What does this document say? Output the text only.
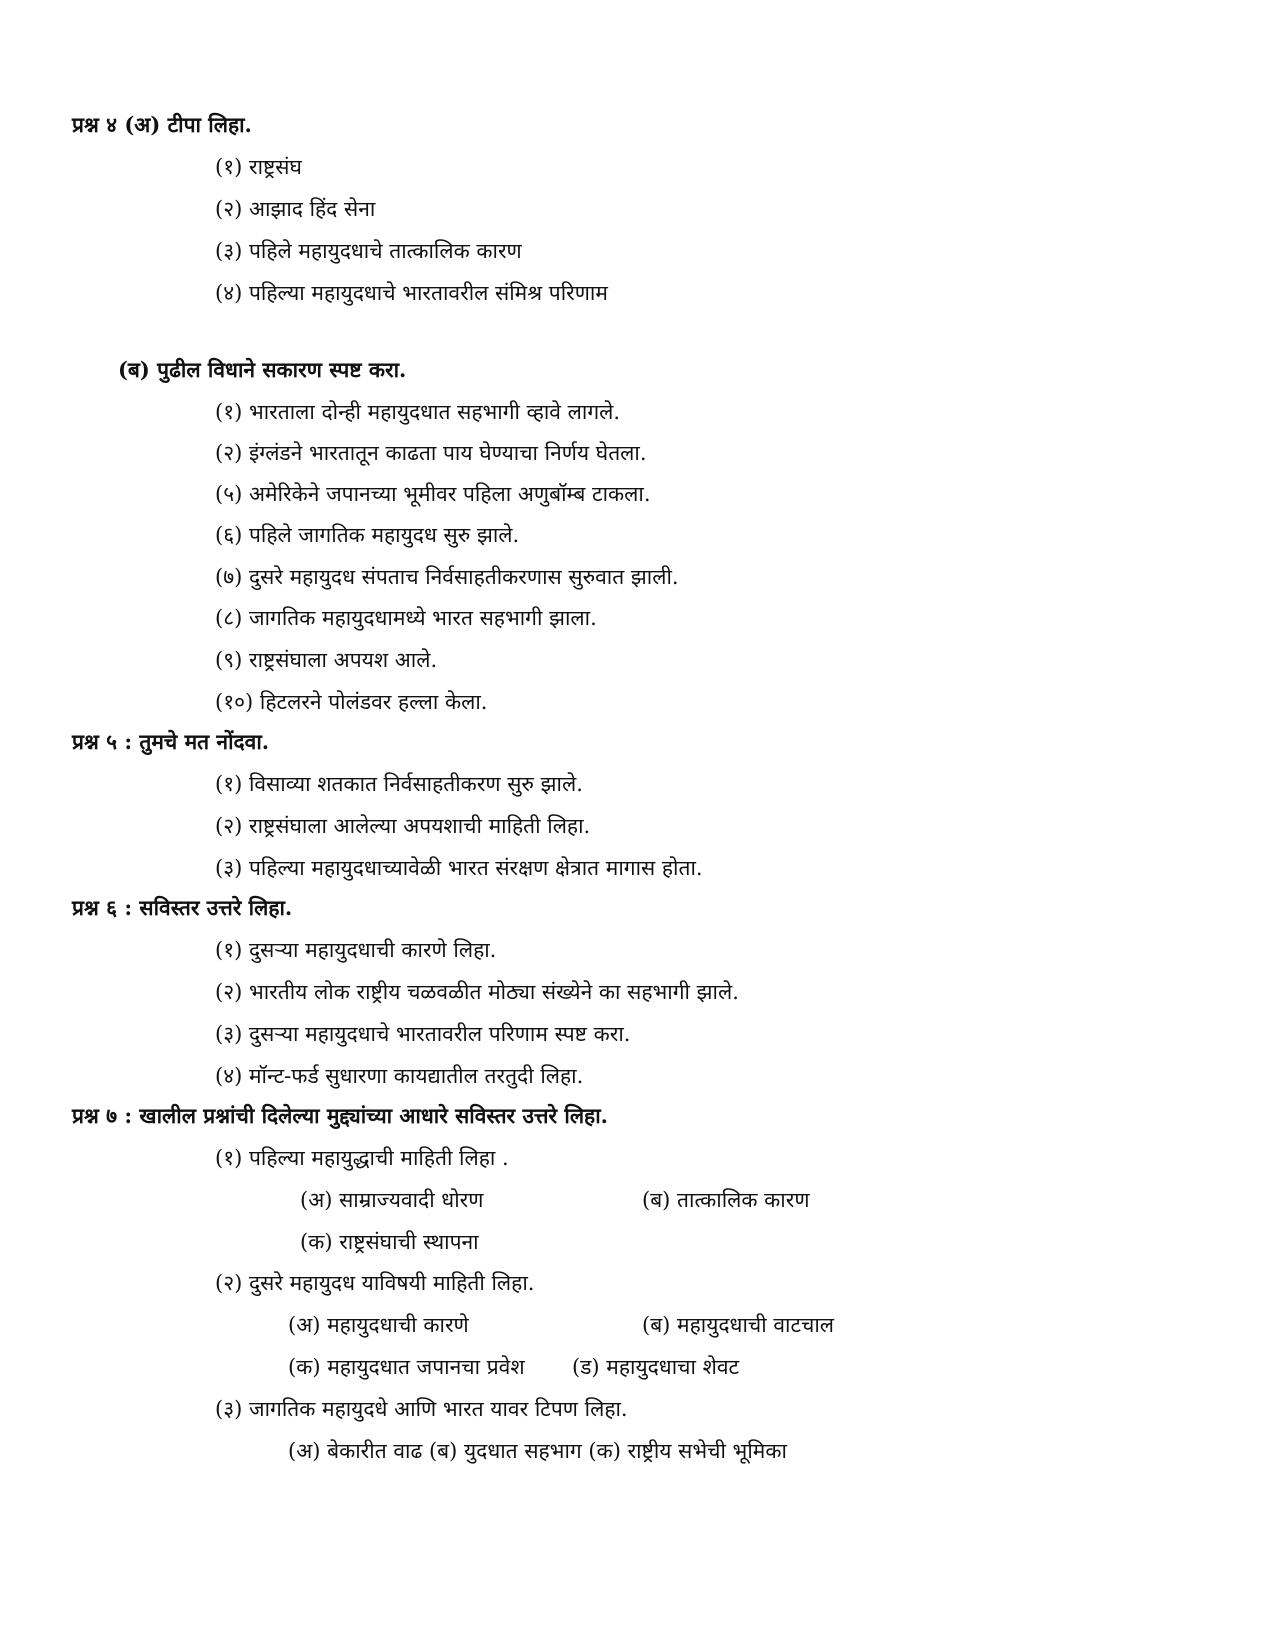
प्रश्न ४ (अ) टीपा लिहा.
(१) राष्ट्रसंघ
(२) आझाद हिंद सेना
(३) पहिले महायुदधाचे तात्कालिक कारण
(४) पहिल्या महायुदधाचे भारतावरील संमिश्र परिणाम
(ब) पुढील विधाने सकारण स्पष्ट करा.
(१) भारताला दोन्ही महायुदधात सहभागी व्हावे लागले.
(२) इंग्लंडने भारतातून काढता पाय घेण्याचा निर्णय घेतला.
(५) अमेरिकेने जपानच्या भूमीवर पहिला अणुबॉम्ब टाकला.
(६) पहिले जागतिक महायुदध सुरु झाले.
(७) दुसरे महायुदध संपताच निर्वसाहतीकरणास सुरुवात झाली.
(८) जागतिक महायुदधामध्ये भारत सहभागी झाला.
(९) राष्ट्रसंघाला अपयश आले.
(१०) हिटलरने पोलंडवर हल्ला केला.
प्रश्न ५ : तुमचे मत नोंदवा.
(१) विसाव्या शतकात निर्वसाहतीकरण सुरु झाले.
(२) राष्ट्रसंघाला आलेल्या अपयशाची माहिती लिहा.
(३) पहिल्या महायुदधाच्यावेळी भारत संरक्षण क्षेत्रात मागास होता.
प्रश्न ६ : सविस्तर उत्तरे लिहा.
(१) दुसऱ्या महायुदधाची कारणे लिहा.
(२) भारतीय लोक राष्ट्रीय चळवळीत मोठ्या संख्येने का सहभागी झाले.
(३) दुसऱ्या महायुदधाचे भारतावरील परिणाम स्पष्ट करा.
(४) मॉन्ट-फर्ड सुधारणा कायद्यातील तरतुदी लिहा.
प्रश्न ७ : खालील प्रश्नांची दिलेल्या मुद्द्यांच्या आधारे सविस्तर उत्तरे लिहा.
(१) पहिल्या महायुद्धाची माहिती लिहा .
(अ) साम्राज्यवादी धोरण	(ब) तात्कालिक कारण
(क) राष्ट्रसंघाची स्थापना
(२) दुसरे महायुदध याविषयी माहिती लिहा.
(अ) महायुदधाची कारणे	(ब) महायुदधाची वाटचाल
(क) महायुदधात जपानचा प्रवेश (ड) महायुदधाचा शेवट
(३) जागतिक महायुदधे आणि भारत यावर टिपण लिहा.
(अ) बेकारीत वाढ (ब) युदधात सहभाग (क) राष्ट्रीय सभेची भूमिका
